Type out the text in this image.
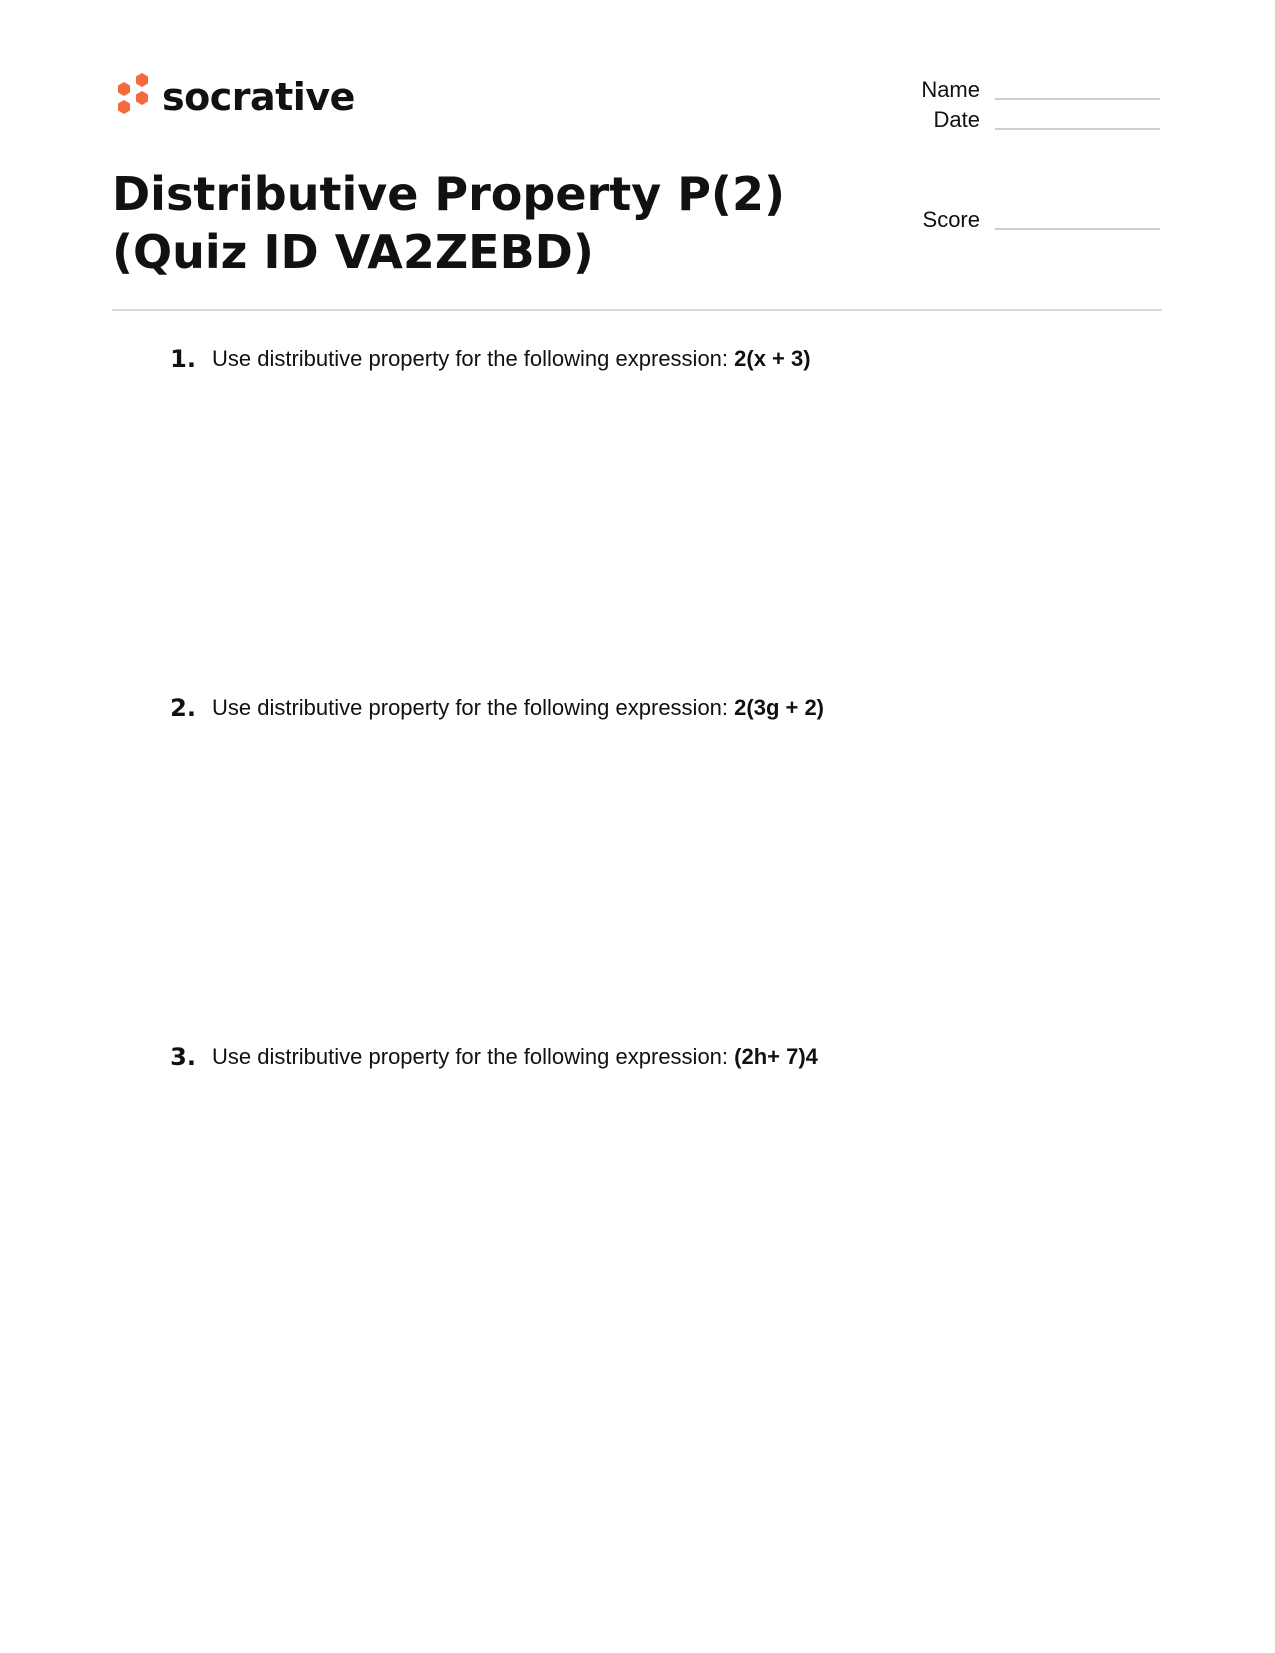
socrative	Name
Date
Score
Distributive Property P(2) (Quiz ID VA2ZEBD)
1. Use distributive property for the following expression: 2(x + 3)
2. Use distributive property for the following expression: 2(3g + 2)
3. Use distributive property for the following expression: (2h+ 7)4
